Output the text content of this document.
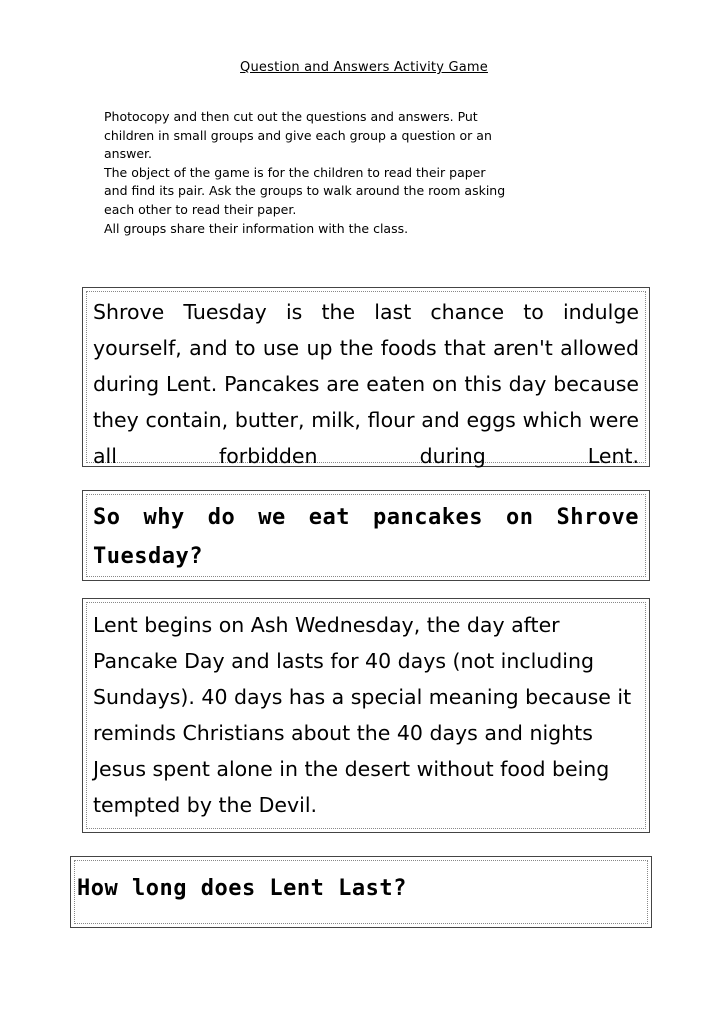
Question and Answers Activity Game

Photocopy and then cut out the questions and answers. Put

children in small groups and give each group a question or an

answer.

The object of the game is for the children to read their paper

and find its pair. Ask the groups to walk around the room asking

each other to read their paper.

All groups share their information with the class.

Shrove Tuesday is the last chance to indulge yourself, and to use up the foods that aren't allowed during Lent. Pancakes are eaten on this day because they contain, butter, milk, flour and eggs which were all forbidden during Lent.
So why do we eat pancakes on Shrove Tuesday?
Lent begins on Ash Wednesday, the day after Pancake Day and lasts for 40 days (not including Sundays). 40 days has a special meaning because it reminds Christians about the 40 days and nights Jesus spent alone in the desert without food being tempted by the Devil.
How long does Lent Last?
